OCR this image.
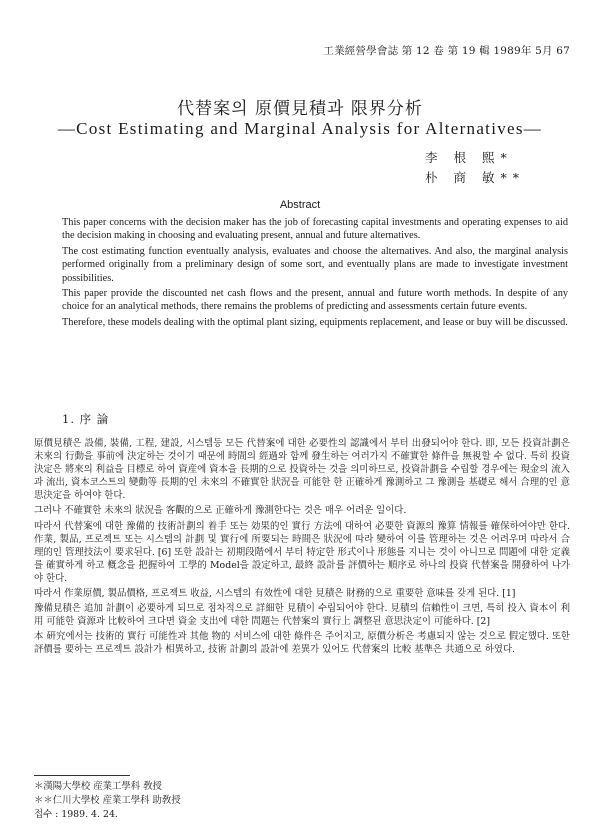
工業經營學會誌 第 12 卷 第 19 輯 1989年 5月 67
代替案의 原價見積과 限界分析
—Cost Estimating and Marginal Analysis for Alternatives—
李 根 熙*
朴 商 敏**
Abstract

This paper concerns with the decision maker has the job of forecasting capital investments and operating expenses to aid the decision making in choosing and evaluating present, annual and future alternatives.

The cost estimating function eventually analysis, evaluates and choose the alternatives. And also, the marginal analysis performed originally from a preliminary design of some sort, and eventually plans are made to investigate investment possibilities.

This paper provide the discounted net cash flows and the present, annual and future worth methods. In despite of any choice for an analytical methods, there remains the problems of predicting and assessments certain future events.

Therefore, these models dealing with the optimal plant sizing, equipments replacement, and lease or buy will be discussed.

1. 序 論

原價見積은 設備, 裝備, 工程, 建設, 시스템등 모든 代替案에 대한 必要性의 認識에서 부터 出發되어야 한다. 即, 모든 投資計劃은 未來의 行動을 事前에 決定하는 것이기 때문에 時間의 經過와 함께 發生하는 여러가지 不確實한 條件을 無視할 수 없다. 특히 投資決定은 將來의 利益을 目標로 하여 資産에 資本을 長期的으로 投資하는 것을 의미하므로, 投資計劃을 수립할 경우에는 現金의 流入과 流出, 資本코스트의 變動等 長期的인 未來의 不確實한 狀況을 可能한 한 正確하게 豫測하고 그 豫測을 基礎로 해서 合理的인 意思決定을 하여야 한다.

그러나 不確實한 未來의 狀況을 客觀的으로 正確하게 豫測한다는 것은 매우 어려운 일이다.

따라서 代替案에 대한 豫備的 技術計劃의 着手 또는 効果的인 實行 方法에 대하여 必要한 資源의 豫算 情報를 確保하여야만 한다. 作業, 製品, 프로젝트 또는 시스템의 計劃 및 實行에 所要되는 時間은 狀況에 따라 變하여 이를 管理하는 것은 어려우며 따라서 合理的인 管理技法이 要求된다. [6] 또한 設計는 初期段階에서 부터 特定한 形式이나 形態를 지니는 것이 아니므로 問題에 대한 定義를 確實하게 하고 槪念을 把握하여 工學的 Model을 設定하고, 最終 設計를 評價하는 順序로 하나의 投資 代替案을 開發하여 나가야 한다.

따라서 作業原價, 製品價格, 프로젝트 收益, 시스템의 有效性에 대한 見積은 財務的으로 重要한 意味를 갖게 된다. [1]

豫備見積은 追加 計劃이 必要하게 되므로 점차적으로 詳細한 見積이 수립되어야 한다. 見積의 信賴性이 크면, 특히 投入 資本이 利用 可能한 資源과 比較하여 크다면 資金 支出에 대한 問題는 代替案의 實行上 調整된 意思決定이 可能하다. [2]

本 硏究에서는 技術的 實行 可能性과 其他 物的 서비스에 대한 條件은 주어지고, 原價分析은 考慮되지 않는 것으로 假定했다. 또한 評價를 要하는 프로젝트 設計가 相異하고, 技術 計劃의 設計에 差異가 있어도 代替案의 比較 基準은 共通으로 하였다.

＊漢陽大學校 産業工學科 敎授
＊＊仁川大學校 産業工學科 助敎授
접수 : 1989. 4. 24.
